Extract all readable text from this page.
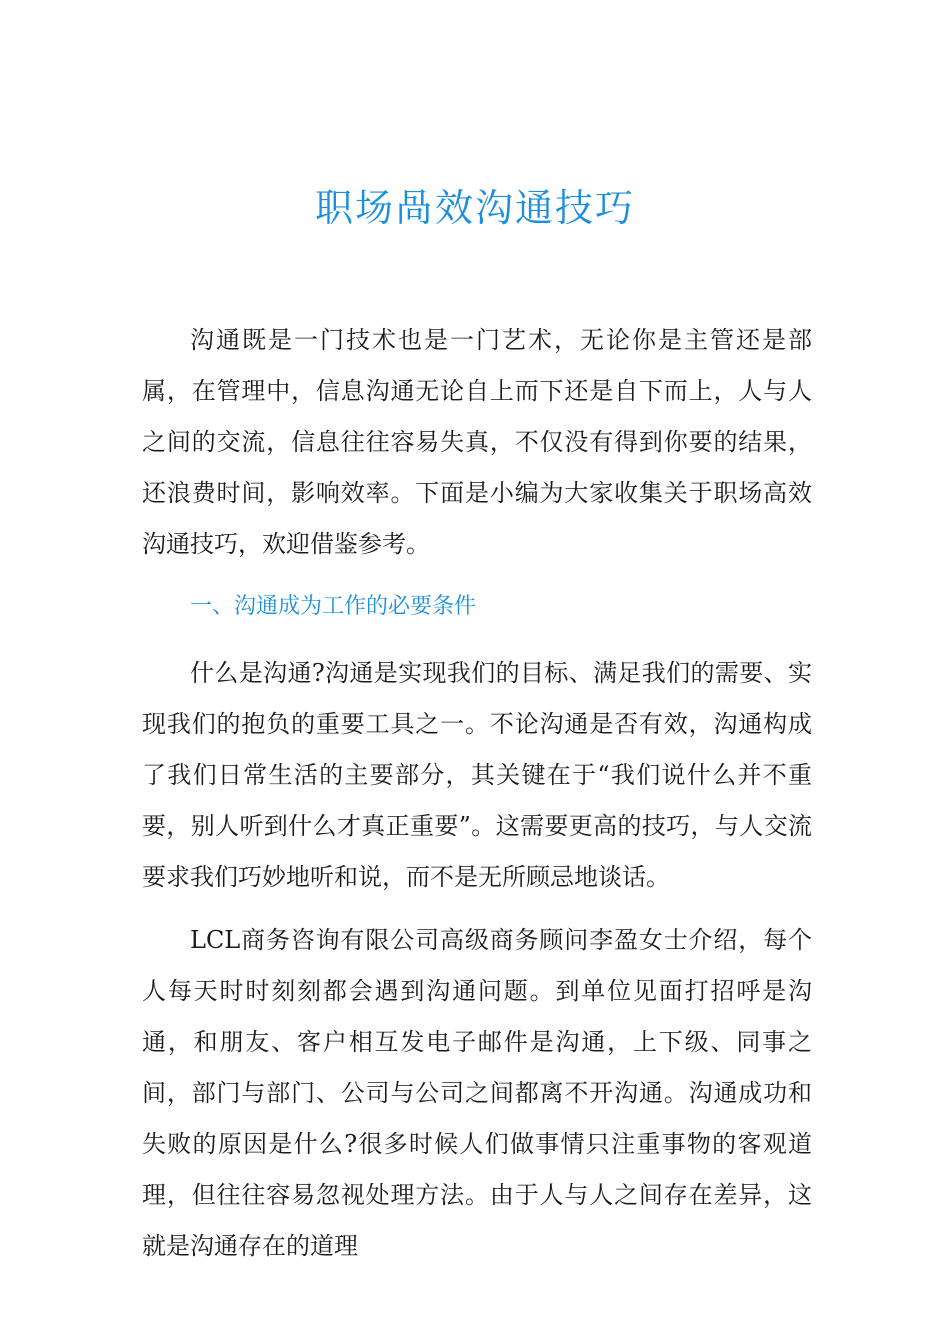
职场咼效沟通技巧

沟通既是一门技术也是一门艺术，无论你是主管还是部属，在管理中，信息沟通无论自上而下还是自下而上，人与人之间的交流，信息往往容易失真，不仅没有得到你要的结果，还浪费时间，影响效率。下面是小编为大家收集关于职场高效沟通技巧，欢迎借鉴参考。

一、沟通成为工作的必要条件

什么是沟通?沟通是实现我们的目标、满足我们的需要、实现我们的抱负的重要工具之一。不论沟通是否有效，沟通构成了我们日常生活的主要部分，其关键在于“我们说什么并不重要，别人听到什么才真正重要”。这需要更高的技巧，与人交流要求我们巧妙地听和说，而不是无所顾忌地谈话。

LCL商务咨询有限公司高级商务顾问李盈女士介绍，每个人每天时时刻刻都会遇到沟通问题。到单位见面打招呼是沟通，和朋友、客户相互发电子邮件是沟通，上下级、同事之间，部门与部门、公司与公司之间都离不开沟通。沟通成功和失败的原因是什么?很多时候人们做事情只注重事物的客观道理，但往往容易忽视处理方法。由于人与人之间存在差异，这就是沟通存在的道理
